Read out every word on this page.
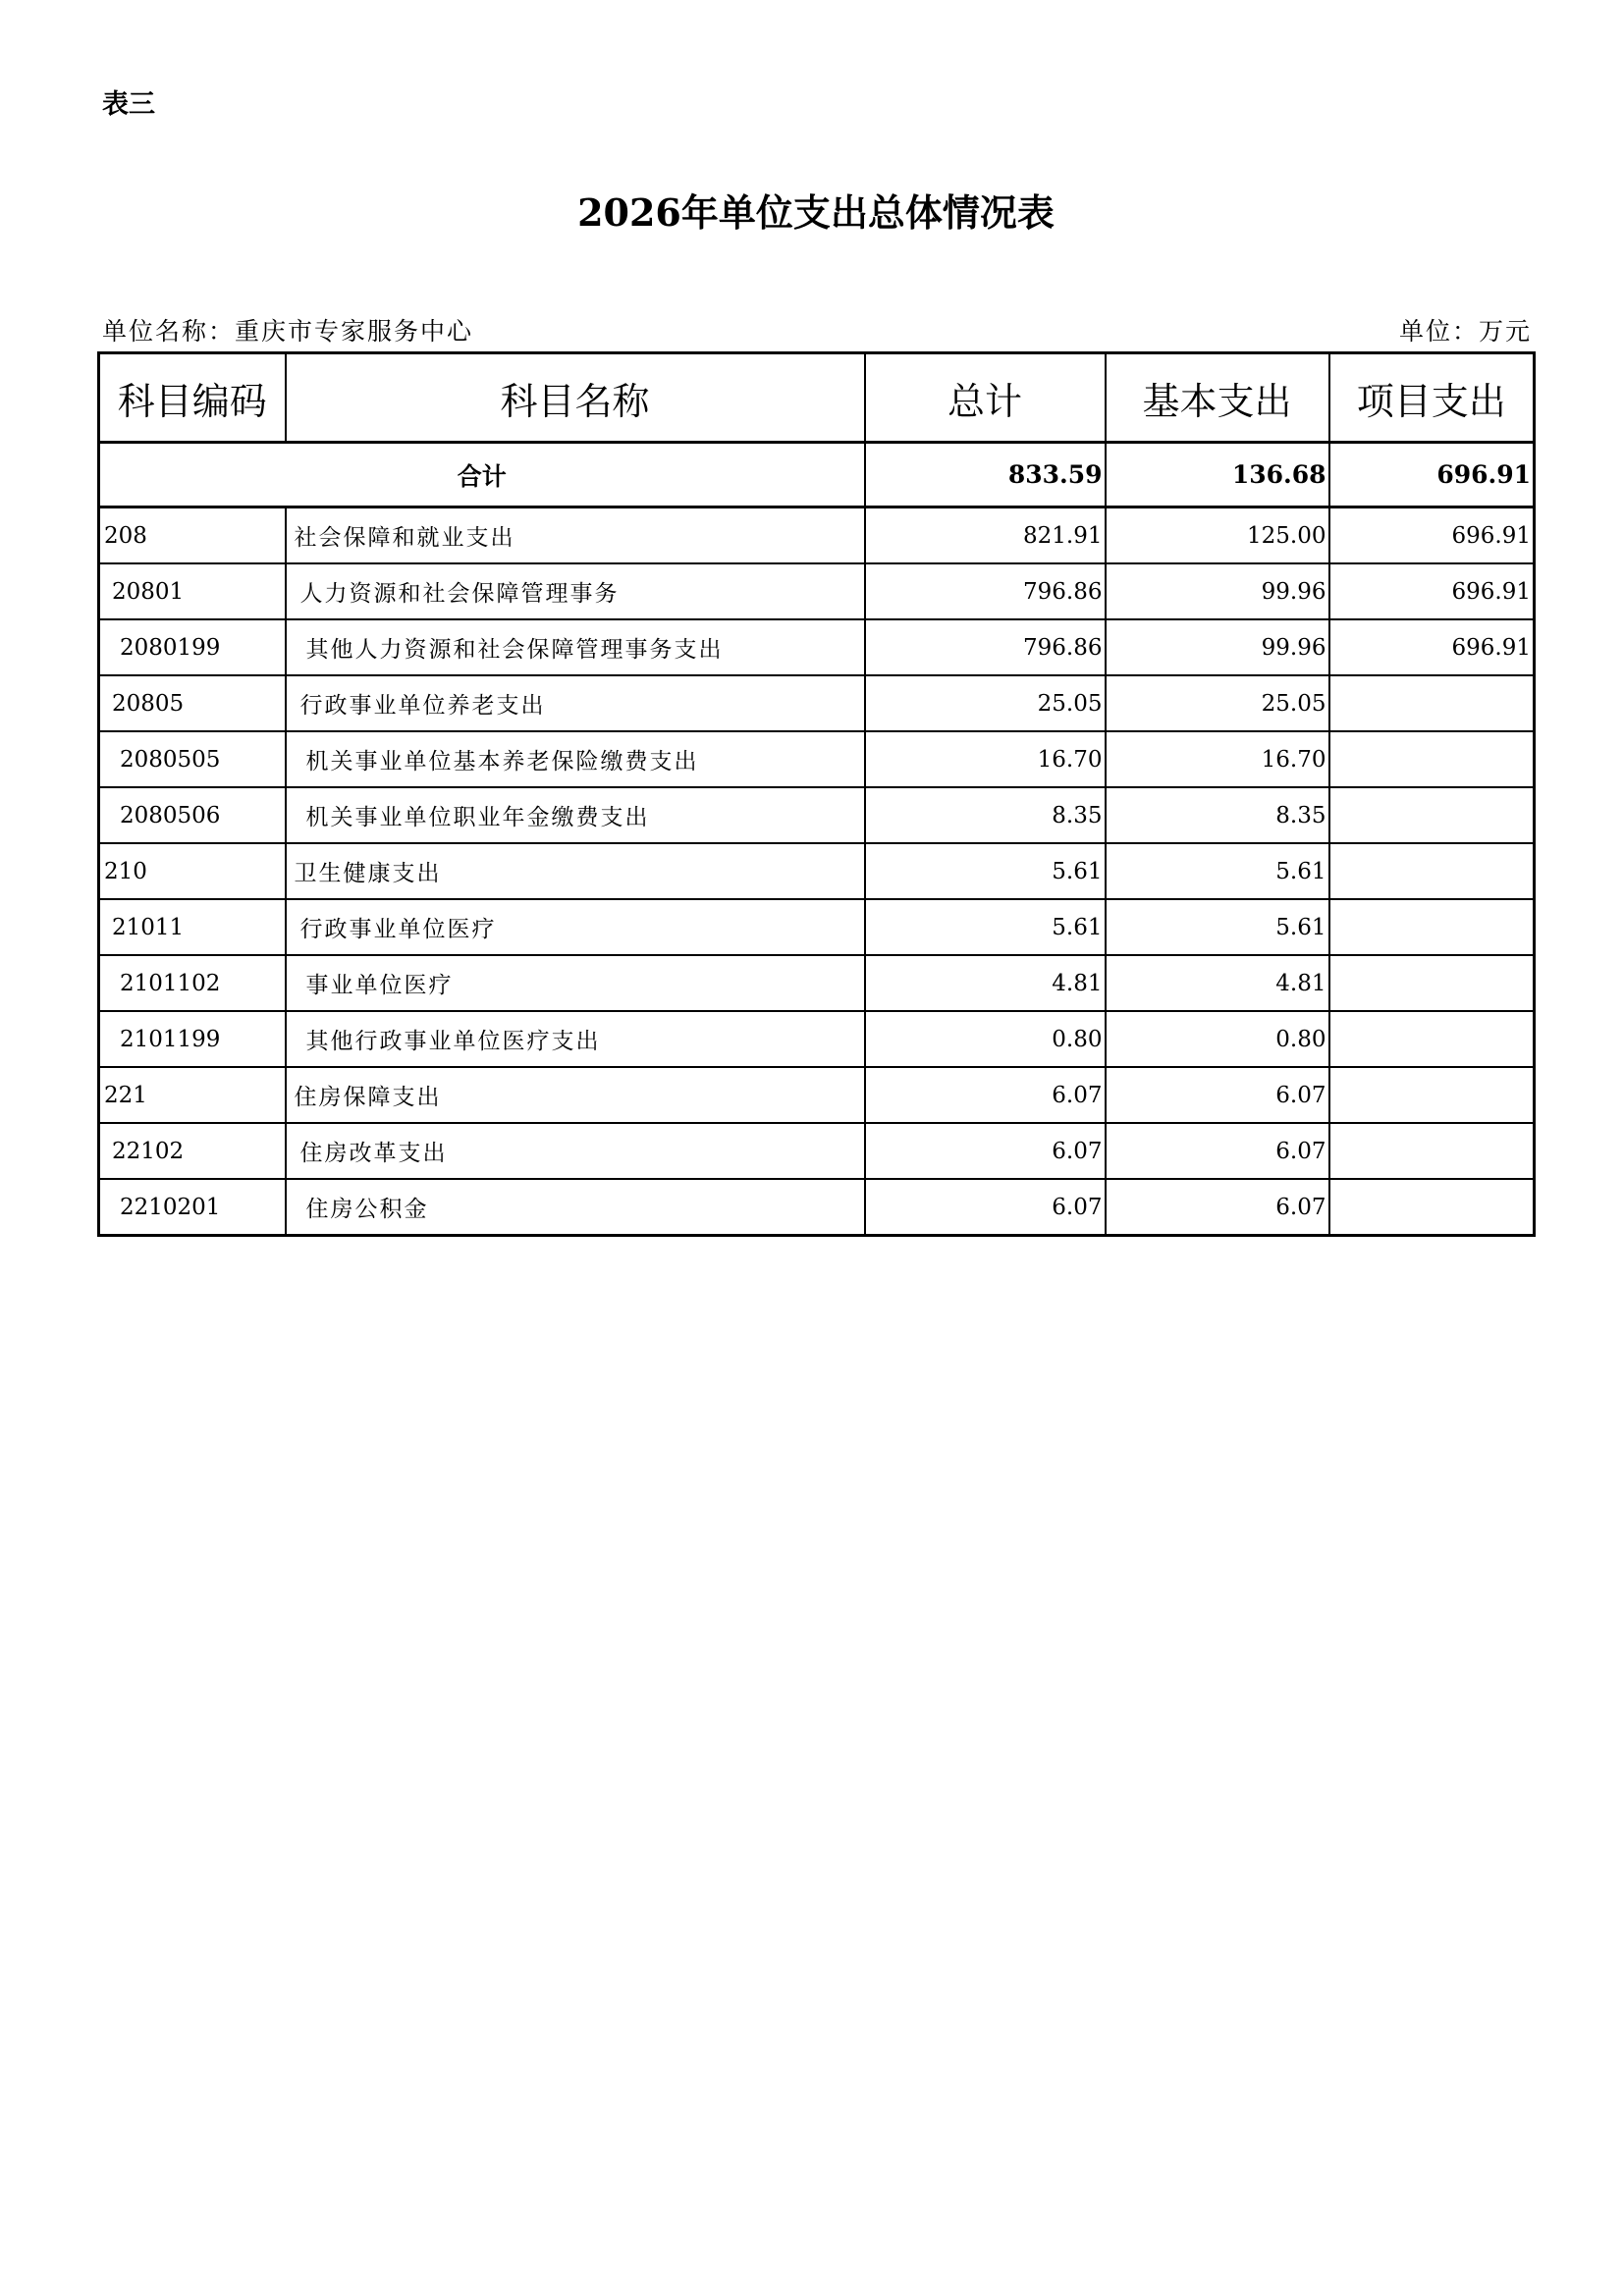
表三
2026年单位支出总体情况表
单位名称：重庆市专家服务中心	单位：万元
科目编码	科目名称	总计	基本支出	项目支出
合计		833.59	136.68	696.91
208	社会保障和就业支出	821.91	125.00	696.91
20801	人力资源和社会保障管理事务	796.86	99.96	696.91
2080199	其他人力资源和社会保障管理事务支出	796.86	99.96	696.91
20805	行政事业单位养老支出	25.05	25.05	
2080505	机关事业单位基本养老保险缴费支出	16.70	16.70	
2080506	机关事业单位职业年金缴费支出	8.35	8.35	
210	卫生健康支出	5.61	5.61	
21011	行政事业单位医疗	5.61	5.61	
2101102	事业单位医疗	4.81	4.81	
2101199	其他行政事业单位医疗支出	0.80	0.80	
221	住房保障支出	6.07	6.07	
22102	住房改革支出	6.07	6.07	
2210201	住房公积金	6.07	6.07	
